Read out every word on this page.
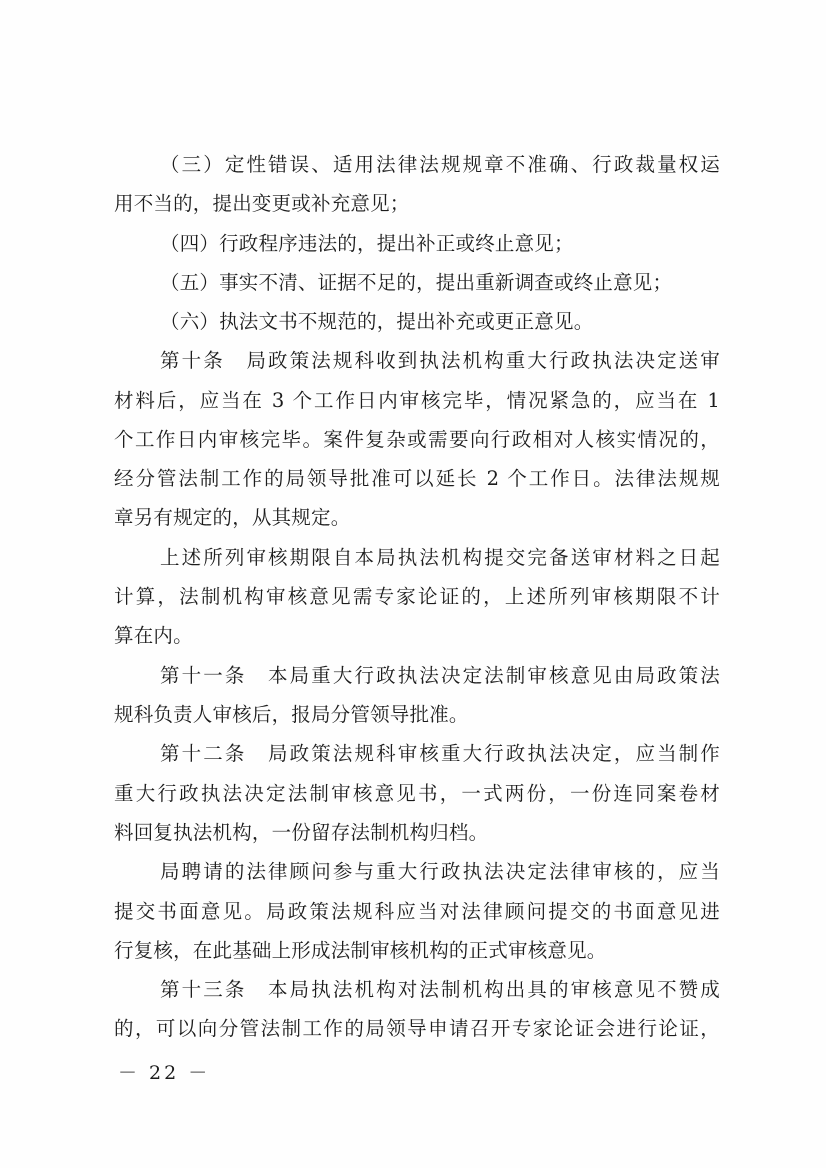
（三）定性错误、适用法律法规规章不准确、行政裁量权运
用不当的，提出变更或补充意见；
（四）行政程序违法的，提出补正或终止意见；
（五）事实不清、证据不足的，提出重新调查或终止意见；
（六）执法文书不规范的，提出补充或更正意见。
第十条　局政策法规科收到执法机构重大行政执法决定送审
材料后，应当在 3 个工作日内审核完毕，情况紧急的，应当在 1
个工作日内审核完毕。案件复杂或需要向行政相对人核实情况的，
经分管法制工作的局领导批准可以延长 2 个工作日。法律法规规
章另有规定的，从其规定。
上述所列审核期限自本局执法机构提交完备送审材料之日起
计算，法制机构审核意见需专家论证的，上述所列审核期限不计
算在内。
第十一条　本局重大行政执法决定法制审核意见由局政策法
规科负责人审核后，报局分管领导批准。
第十二条　局政策法规科审核重大行政执法决定，应当制作
重大行政执法决定法制审核意见书，一式两份，一份连同案卷材
料回复执法机构，一份留存法制机构归档。
局聘请的法律顾问参与重大行政执法决定法律审核的，应当
提交书面意见。局政策法规科应当对法律顾问提交的书面意见进
行复核，在此基础上形成法制审核机构的正式审核意见。
第十三条　本局执法机构对法制机构出具的审核意见不赞成
的，可以向分管法制工作的局领导申请召开专家论证会进行论证，
－ 22 －
